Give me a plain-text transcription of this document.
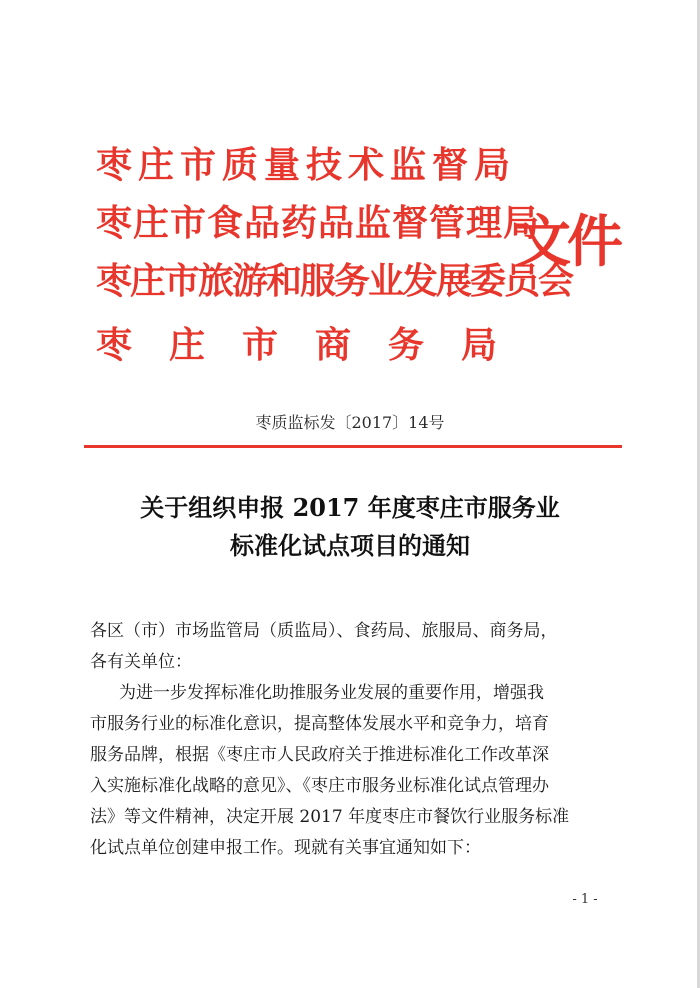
枣庄市质量技术监督局
枣庄市食品药品监督管理局
枣庄市旅游和服务业发展委员会
枣庄市商务局
文件
枣质监标发〔2017〕14号
关于组织申报 2017 年度枣庄市服务业
标准化试点项目的通知
各区（市）市场监管局（质监局）、食药局、旅服局、商务局，
各有关单位：
为进一步发挥标准化助推服务业发展的重要作用，增强我
市服务行业的标准化意识，提高整体发展水平和竞争力，培育
服务品牌，根据《枣庄市人民政府关于推进标准化工作改革深
入实施标准化战略的意见》、《枣庄市服务业标准化试点管理办
法》等文件精神，决定开展 2017 年度枣庄市餐饮行业服务标准
化试点单位创建申报工作。现就有关事宜通知如下：
- 1 -
